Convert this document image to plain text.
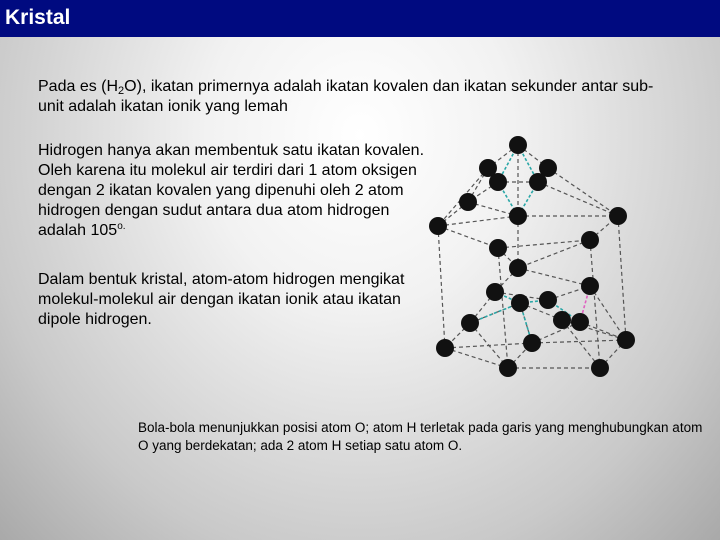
Kristal
Pada es $(H_2O)$, ikatan primernya adalah ikatan kovalen dan ikatan sekunder antar sub-unit adalah ikatan ionik yang lemah
Hidrogen hanya akan membentuk satu ikatan kovalen. Oleh karena itu molekul air terdiri dari 1 atom oksigen dengan 2 ikatan kovalen yang dipenuhi oleh 2 atom hidrogen dengan sudut antara dua atom hidrogen adalah $105^{o.}$
Dalam bentuk kristal, atom-atom hidrogen mengikat molekul-molekul air dengan ikatan ionik atau ikatan dipole hidrogen.
Bola-bola menunjukkan posisi atom O; atom H terletak pada garis yang menghubungkan atom O yang berdekatan; ada 2 atom H setiap satu atom O.
